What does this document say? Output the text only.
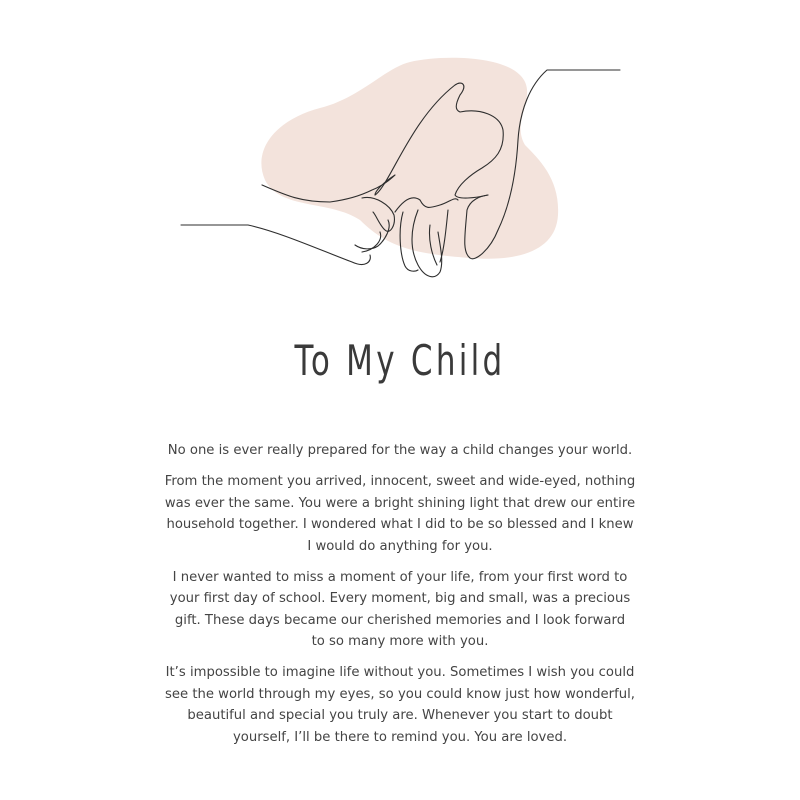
To My Child

No one is ever really prepared for the way a child changes your world.

From the moment you arrived, innocent, sweet and wide-eyed, nothing
was ever the same. You were a bright shining light that drew our entire
household together. I wondered what I did to be so blessed and I knew
I would do anything for you.

I never wanted to miss a moment of your life, from your first word to
your first day of school. Every moment, big and small, was a precious
gift. These days became our cherished memories and I look forward
to so many more with you.

It’s impossible to imagine life without you. Sometimes I wish you could
see the world through my eyes, so you could know just how wonderful,
beautiful and special you truly are. Whenever you start to doubt
yourself, I’ll be there to remind you. You are loved.
